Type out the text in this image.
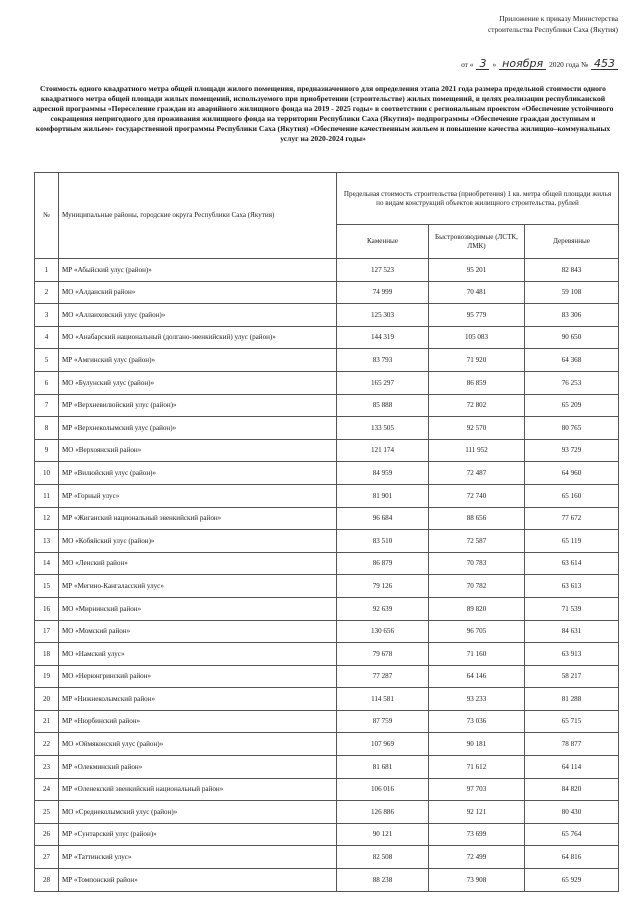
Приложение к приказу Министерства
строительства Республики Саха (Якутия)
от « 3 » ноября 2020 года № 453
Стоимость одного квадратного метра общей площади жилого помещения, предназначенного для определения этапа 2021 года размера предельной стоимости одного квадратного метра общей площади жилых помещений, используемого при приобретении (строительстве) жилых помещений, в целях реализации республиканской адресной программы «Переселение граждан из аварийного жилищного фонда на 2019 - 2025 годы» в соответствии с региональным проектом «Обеспечение устойчивого сокращения непригодного для проживания жилищного фонда на территории Республики Саха (Якутия)» подпрограммы «Обеспечение граждан доступным и комфортным жильем» государственной программы Республики Саха (Якутия) «Обеспечение качественным жильем и повышение качества жилищно–коммунальных услуг на 2020-2024 годы»
№	Муниципальные районы, городские округа Республики Саха (Якутия)	Предельная стоимость строительства (приобретения) 1 кв. метра общей площади жилья по видам конструкций объектов жилищного строительства, рублей		
		Каменные	Быстровозводимые (ЛСТК, ЛМК)	Деревянные
1	МР «Абыйский улус (район)»	127 523	95 201	82 843
2	МО «Алданский район»	74 999	70 481	59 108
3	МО «Аллаиховский улус (район)»	125 303	95 779	83 306
4	МО «Анабарский национальный (долгано-эвенкийский) улус (район)»	144 319	105 083	90 650
5	МР «Амгинский улус (район)»	83 793	71 920	64 368
6	МО «Булунский улус (район)»	165 297	86 859	76 253
7	МР «Верхневилюйский улус (район)»	85 888	72 802	65 209
8	МР «Верхнеколымский улус (район)»	133 505	92 570	80 765
9	МО «Верхоянский район»	121 174	111 952	93 729
10	МР «Вилюйский улус (район)»	84 959	72 487	64 960
11	МР «Горный улус»	81 901	72 740	65 160
12	МР «Жиганский национальный эвенкийский район»	96 684	88 656	77 672
13	МО «Кобяйский улус (район)»	83 510	72 587	65 119
14	МО «Ленский район»	86 879	70 783	63 614
15	МР «Мегино-Кангаласский улус»	79 126	70 782	63 613
16	МО «Мирнинский район»	92 639	89 820	71 539
17	МО «Момский район»	130 656	96 705	84 631
18	МО «Намский улус»	79 678	71 160	63 913
19	МО «Нерюнгринский район»	77 287	64 146	58 217
20	МР «Нижнеколымский район»	114 581	93 233	81 288
21	МР «Нюрбинский район»	87 759	73 036	65 715
22	МО «Оймяконский улус (район)»	107 969	90 181	78 877
23	МР «Олекминский район»	81 681	71 612	64 114
24	МР «Оленекский эвенкийский национальный район»	106 016	97 703	84 820
25	МО «Среднеколымский улус (район)»	126 886	92 121	80 430
26	МР «Сунтарский улус (район)»	90 121	73 699	65 764
27	МР «Таттинский улус»	82 508	72 499	64 816
28	МР «Томпонский район»	88 238	73 908	65 929
